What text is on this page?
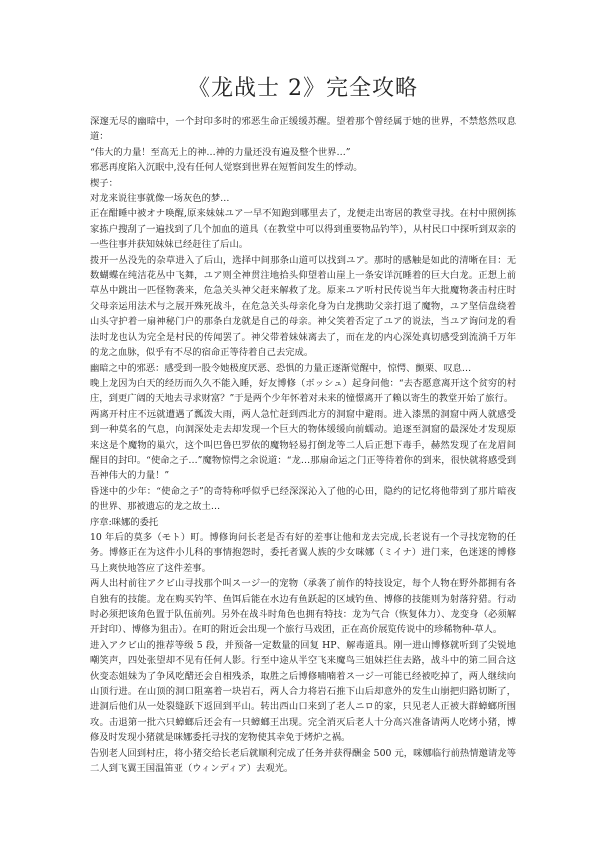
《龙战士 2》完全攻略

深邃无尽的幽暗中，一个封印多时的邪恶生命正缓缓苏醒。望着那个曾经属于她的世界，不禁悠然叹息道：

“伟大的力量！至高无上的神…神的力量还没有遍及整个世界…”

邪恶再度陷入沉眠中,没有任何人觉察到世界在短暂间发生的悸动。

楔子：

对龙来说往事就像一场灰色的梦…

正在酣睡中被オナ唤醒,原来妹妹ユア一早不知跑到哪里去了，龙便走出寄居的教堂寻找。在村中照例拣家拣户搜刮了一遍找到了几个加血的道具（在教堂中可以得到重要物品钓竿），从村民口中探听到双亲的一些往事并获知妹妹已经赶往了后山。

拨开一丛没先的杂草进入了后山，选择中间那条山道可以找到ユア。那时的感触是如此的清晰在目：无数蝴蝶在纯洁花丛中飞舞，ユア则全神贯注地拾头仰望着山崖上一条安详沉睡着的巨大白龙。正想上前草丛中跳出一匹怪物袭来，危急关头神父赶来解救了龙。原来ユア听村民传说当年大批魔物袭击村庄时父母亲运用法术与之展开殊死战斗，在危急关头母亲化身为白龙携助父亲打退了魔物，ユア坚信盘绕着山头守护着一扇神秘门户的那条白龙就是自己的母亲。神父笑着否定了ユア的说法，当ユア询问龙的看法时龙也认为完全是村民的传闻罢了。神父带着妹妹离去了，而在龙的内心深处真切感受到流淌千万年的龙之血脉，似乎有不尽的宿命正等待着自己去完成。

幽暗之中的邪恶：感受到一股令她极度厌恶、恐惧的力量正逐渐觉醒中，惊愕、颤栗、叹息…

晚上龙因为白天的经历而久久不能入睡，好友博修（ボッシュ）起身问他：“去杏愿意离开这个贫穷的村庄，到更广阔的天地去寻求财富？”于是两个少年怀着对未来的憧憬离开了赖以寄生的教堂开始了旅行。

两离开村庄不远就遭遇了瓢泼大雨，两人急忙赶到西北方的洞窟中避雨。进入漆黑的洞窟中两人就感受到一种莫名的气息，向洞深处走去却发现一个巨大的物体缓缓向前蠕动。追逐至洞窟的最深处才发现原来这是个魔物的巢穴，这个叫巴鲁巴罗依的魔物轻易打倒龙等二人后正想下毒手，赫然发现了在龙眉间醒目的封印。“使命之子…”魔物惊愕之余说道：“龙…那扇命运之门正等待着你的到来，很快就将感受到吾神伟大的力量！”

昏迷中的少年：“使命之子”的奇特称呼似乎已经深深沁入了他的心田，隐约的记忆将他带到了那片暗夜的世界、那被遗忘的龙之故土…

序章:咪娜的委托

10 年后的莫多（モト）町。博修询问长老是否有好的差事让他和龙去完成,长老说有一个寻找宠物的任务。博修正在为这件小儿科的事情抱怨时，委托者翼人族的少女咪娜（ミイナ）进门来，色迷迷的博修马上爽快地答应了这件差事。

两人出村前往アクビ山寻找那个叫ス一ジ一的宠物（承袭了前作的特技设定，每个人物在野外都拥有各自独有的技能。龙在购买钓竿、鱼饵后能在水边有鱼跃起的区域钓鱼、博修的技能则为射落狩猎。行动时必须把该角色置于队伍前列。另外在战斗时角色也拥有特技：龙为气合（恢复体力）、龙变身（必须解开封印）、博修为狙击）。在町的附近会出现一个旅行马戏团，正在高价展览传说中的珍稀物种-草人。

进入アクビ山的推荐等级 5 段，并预备一定数量的回复 HP、解毒道具。刚一进山博修就听到了尖锐地嘲笑声，四处张望却不见有任何人影。行至中途从半空飞来魔鸟三姐妹拦住去路，战斗中的第二回合这伙变态姐妹为了争风吃醋还会自相残杀，取胜之后博修喃喃着ス一ジ一可能已经被吃掉了，两人继续向山顶行进。在山顶的洞口阻塞着一块岩石，两人合力将岩石推下山后却意外的发生山崩把归路切断了，进洞后他们从一处裂缝跃下返回到平山。转出西山口来到了老人ニロ的家，只见老人正被大群蟑螂所围攻。击退第一批六只蟑螂后还会有一只蟑螂王出现。完全消灭后老人十分高兴准备请两人吃烤小猪，博修及时发现小猪就是咪娜委托寻找的宠物使其幸免于烤炉之祸。

告别老人回到村庄，将小猪交给长老后就顺利完成了任务并获得酬金 500 元，咪娜临行前热情邀请龙等二人到飞翼王国温笛亚（ウィンディア）去观光。
